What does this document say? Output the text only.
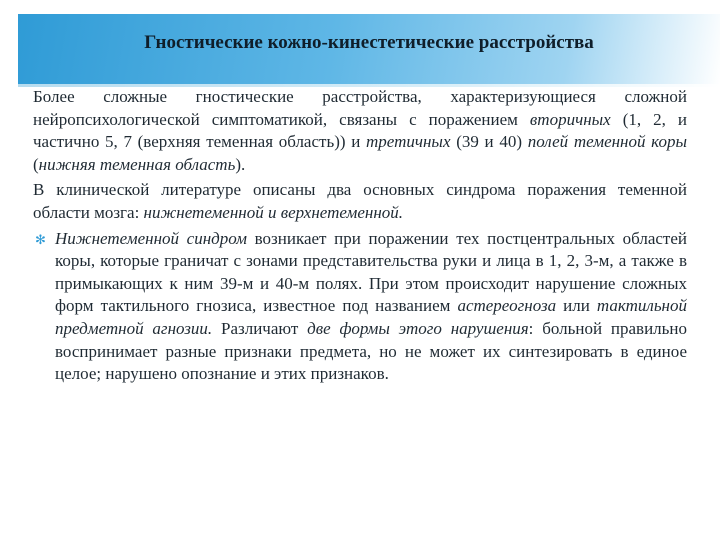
Гностические кожно-кинестетические расстройства

Более сложные гностические расстройства, характеризующиеся сложной нейропсихологической симптоматикой, связаны с поражением вторичных (1, 2, и частично 5, 7 (верхняя теменная область)) и третичных (39 и 40) полей теменной коры (нижняя теменная область).

В клинической литературе описаны два основных синдрома поражения теменной области мозга: нижнетеменной и верхнетеменной.

✻ Нижнетеменной синдром возникает при поражении тех постцентральных областей коры, которые граничат с зонами представительства руки и лица в 1, 2, 3-м, а также в примыкающих к ним 39-м и 40-м полях. При этом происходит нарушение сложных форм тактильного гнозиса, известное под названием астереогноза или тактильной предметной агнозии. Различают две формы этого нарушения: больной правильно воспринимает разные признаки предмета, но не может их синтезировать в единое целое; нарушено опознание и этих признаков.
